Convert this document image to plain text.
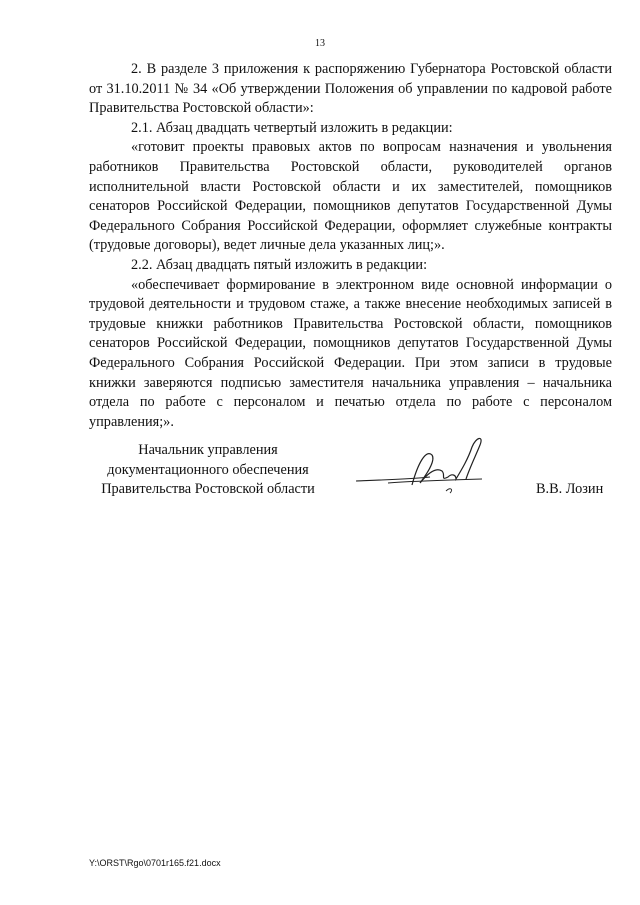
13

2. В разделе 3 приложения к распоряжению Губернатора Ростовской области от 31.10.2011 № 34 «Об утверждении Положения об управлении по кадровой работе Правительства Ростовской области»:

2.1. Абзац двадцать четвертый изложить в редакции:

«готовит проекты правовых актов по вопросам назначения и увольнения работников Правительства Ростовской области, руководителей органов исполнительной власти Ростовской области и их заместителей, помощников сенаторов Российской Федерации, помощников депутатов Государственной Думы Федерального Собрания Российской Федерации, оформляет служебные контракты (трудовые договоры), ведет личные дела указанных лиц;».

2.2. Абзац двадцать пятый изложить в редакции:

«обеспечивает формирование в электронном виде основной информации о трудовой деятельности и трудовом стаже, а также внесение необходимых записей в трудовые книжки работников Правительства Ростовской области, помощников сенаторов Российской Федерации, помощников депутатов Государственной Думы Федерального Собрания Российской Федерации. При этом записи в трудовые книжки заверяются подписью заместителя начальника управления – начальника отдела по работе с персоналом и печатью отдела по работе с персоналом управления;».

Начальник управления
документационного обеспечения
Правительства Ростовской области	В.В. Лозин
Y:\ORST\Rgo\0701r165.f21.docx
